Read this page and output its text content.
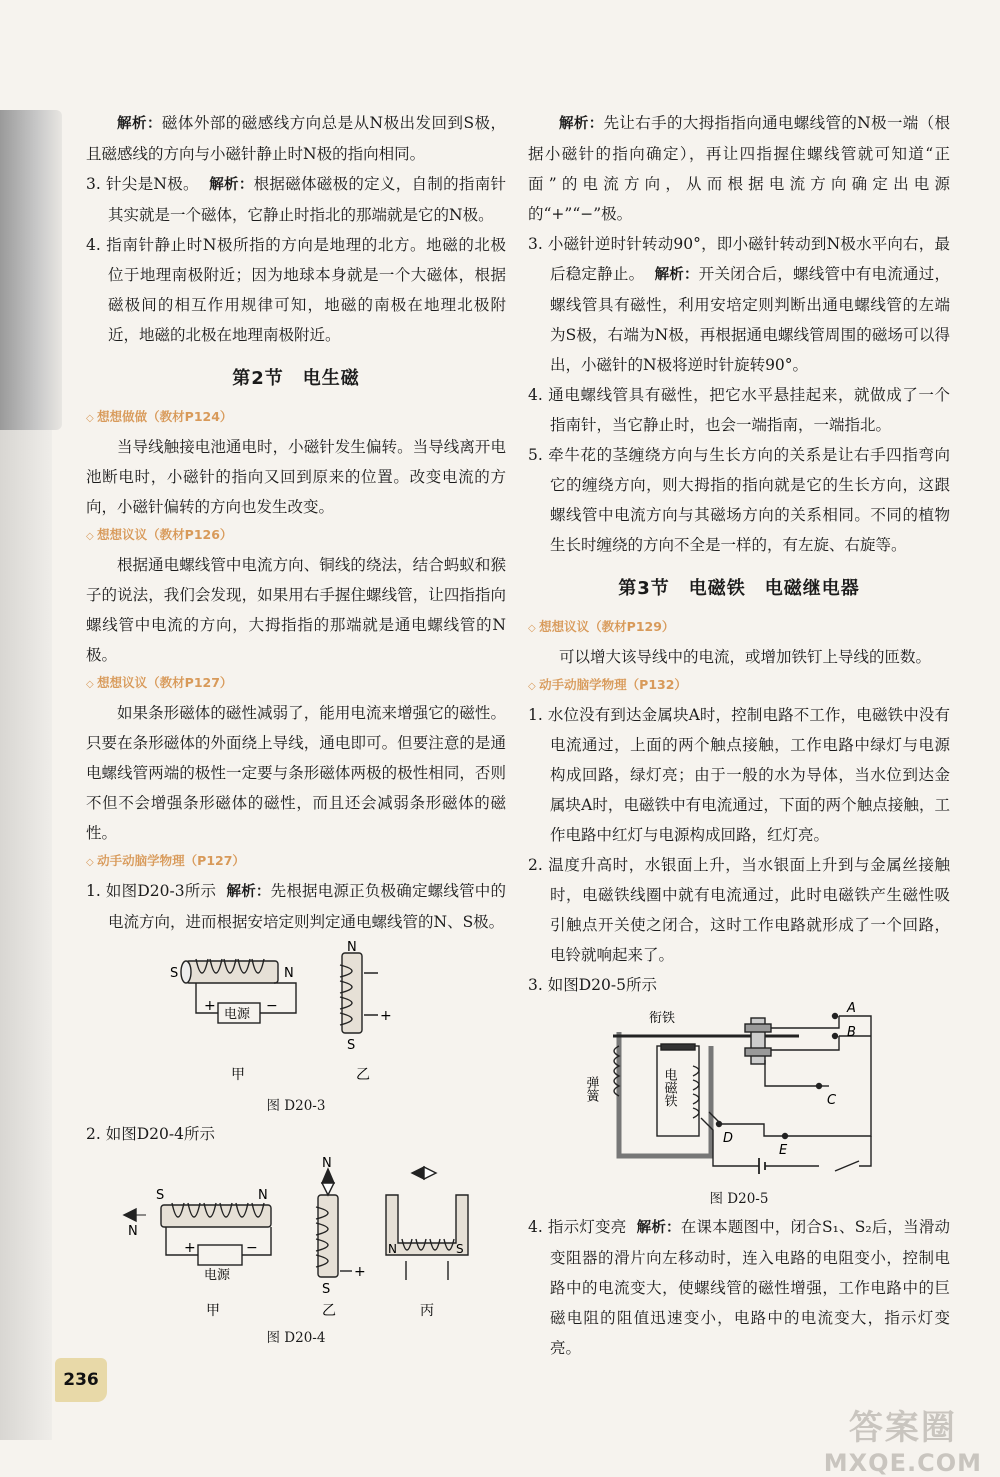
解析：磁体外部的磁感线方向总是从N极出发回到S极，且磁感线的方向与小磁针静止时N极的指向相同。

3. 针尖是N极。 解析：根据磁体磁极的定义，自制的指南针其实就是一个磁体，它静止时指北的那端就是它的N极。

4. 指南针静止时N极所指的方向是地理的北方。地磁的北极位于地理南极附近；因为地球本身就是一个大磁体，根据磁极间的相互作用规律可知，地磁的南极在地理北极附近，地磁的北极在地理南极附近。

第2节　电生磁
◇ 想想做做（教材P124）

当导线触接电池通电时，小磁针发生偏转。当导线离开电池断电时，小磁针的指向又回到原来的位置。改变电流的方向，小磁针偏转的方向也发生改变。

◇ 想想议议（教材P126）

根据通电螺线管中电流方向、铜线的绕法，结合蚂蚁和猴子的说法，我们会发现，如果用右手握住螺线管，让四指指向螺线管中电流的方向，大拇指指的那端就是通电螺线管的N极。

◇ 想想议议（教材P127）

如果条形磁体的磁性减弱了，能用电流来增强它的磁性。只要在条形磁体的外面绕上导线，通电即可。但要注意的是通电螺线管两端的极性一定要与条形磁体两极的极性相同，否则不但不会增强条形磁体的磁性，而且还会减弱条形磁体的磁性。

◇ 动手动脑学物理（P127）

1. 如图D20-3所示 解析：先根据电源正负极确定螺线管中的电流方向，进而根据安培定则判定通电螺线管的N、S极。

S	N
+	−
电源
N
S
+
甲	乙
图 D20-3

2. 如图D20-4所示

S	N
N
+	−
电源
N
S
+
N	S
甲	乙	丙
图 D20-4

解析：先让右手的大拇指指向通电螺线管的N极一端（根据小磁针的指向确定），再让四指握住螺线管就可知道“正面”的电流方向，从而根据电流方向确定出电源的“+”“−”极。

3. 小磁针逆时针转动90°，即小磁针转动到N极水平向右，最后稳定静止。 解析：开关闭合后，螺线管中有电流通过，螺线管具有磁性，利用安培定则判断出通电螺线管的左端为S极，右端为N极，再根据通电螺线管周围的磁场可以得出，小磁针的N极将逆时针旋转90°。

4. 通电螺线管具有磁性，把它水平悬挂起来，就做成了一个指南针，当它静止时，也会一端指南，一端指北。

5. 牵牛花的茎缠绕方向与生长方向的关系是让右手四指弯向它的缠绕方向，则大拇指的指向就是它的生长方向，这跟螺线管中电流方向与其磁场方向的关系相同。不同的植物生长时缠绕的方向不全是一样的，有左旋、右旋等。

第3节　电磁铁　电磁继电器
◇ 想想议议（教材P129）

可以增大该导线中的电流，或增加铁钉上导线的匝数。

◇ 动手动脑学物理（P132）

1. 水位没有到达金属块A时，控制电路不工作，电磁铁中没有电流通过，上面的两个触点接触，工作电路中绿灯与电源构成回路，绿灯亮；由于一般的水为导体，当水位到达金属块A时，电磁铁中有电流通过，下面的两个触点接触，工作电路中红灯与电源构成回路，红灯亮。

2. 温度升高时，水银面上升，当水银面上升到与金属丝接触时，电磁铁线圈中就有电流通过，此时电磁铁产生磁性吸引触点开关使之闭合，这时工作电路就形成了一个回路，电铃就响起来了。

3. 如图D20-5所示

衔铁
弹簧	电磁铁
A
B
C
D
E
图 D20-5

4. 指示灯变亮 解析：在课本题图中，闭合S₁、S₂后，当滑动变阻器的滑片向左移动时，连入电路的电阻变小，控制电路中的电流变大，使螺线管的磁性增强，工作电路中的巨磁电阻的阻值迅速变小，电路中的电流变大，指示灯变亮。

236
答案圈
MXQE.COM
